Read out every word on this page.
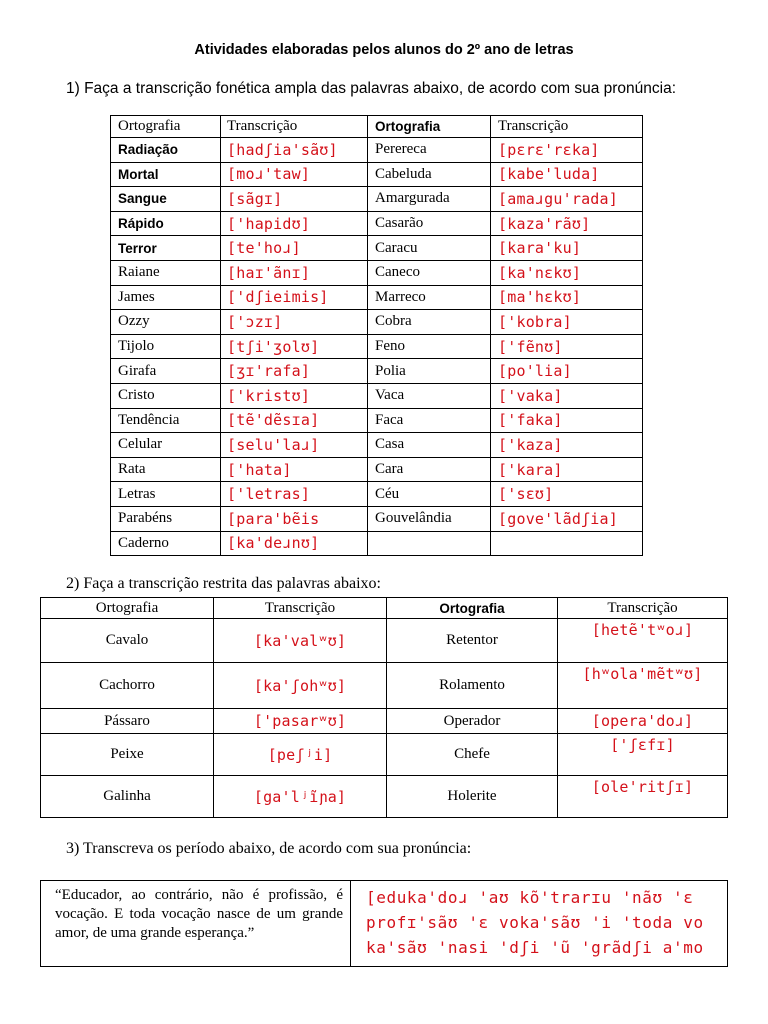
Atividades elaboradas pelos alunos do 2º ano de letras
1) Faça a transcrição fonética ampla das palavras abaixo, de acordo com sua pronúncia:
Ortografia	Transcrição	Ortografia	Transcrição
Radiação	[hadʃia'sãʊ]	Perereca	[pɛrɛ'rɛka]
Mortal	[moɹ'taw]	Cabeluda	[kabe'luda]
Sangue	[sãgɪ]	Amargurada	[amaɹgu'rada]
Rápido	['hapidʊ]	Casarão	[kaza'rãʊ]
Terror	[te'hoɹ]	Caracu	[kara'ku]
Raiane	[haɪ'ãnɪ]	Caneco	[ka'nɛkʊ]
James	['dʃieimis]	Marreco	[ma'hɛkʊ]
Ozzy	['ɔzɪ]	Cobra	['kobra]
Tijolo	[tʃi'ʒolʊ]	Feno	['fẽnʊ]
Girafa	[ʒɪ'rafa]	Polia	[po'lia]
Cristo	['kristʊ]	Vaca	['vaka]
Tendência	[tẽ'dẽsɪa]	Faca	['faka]
Celular	[selu'laɹ]	Casa	['kaza]
Rata	['hata]	Cara	['kara]
Letras	['letras]	Céu	['sɛʊ]
Parabéns	[para'bẽis	Gouvelândia	[gove'lãdʃia]
Caderno	[ka'deɹnʊ]		
2) Faça a transcrição restrita das palavras abaixo:
Ortografia	Transcrição	Ortografia	Transcrição
Cavalo	[ka'valʷʊ]	Retentor	[hetẽ'tʷoɹ]
Cachorro	[ka'ʃohʷʊ]	Rolamento	[hʷola'mẽtʷʊ]
Pássaro	['pasarʷʊ]	Operador	[opera'doɹ]
Peixe	[peʃʲi]	Chefe	['ʃɛfɪ]
Galinha	[ga'lʲĩɲa]	Holerite	[ole'ritʃɪ]
3) Transcreva os período abaixo, de acordo com sua pronúncia:
“Educador, ao contrário, não é profissão, é vocação. E toda vocação nasce de um grande amor, de uma grande esperança.”	[eduka'doɹ 'aʊ kõ'trarɪu 'nãʊ 'ɛ profɪ'sãʊ 'ɛ voka'sãʊ 'i 'toda vo ka'sãʊ 'nasi 'dʃi 'ũ 'grãdʃi a'mo
